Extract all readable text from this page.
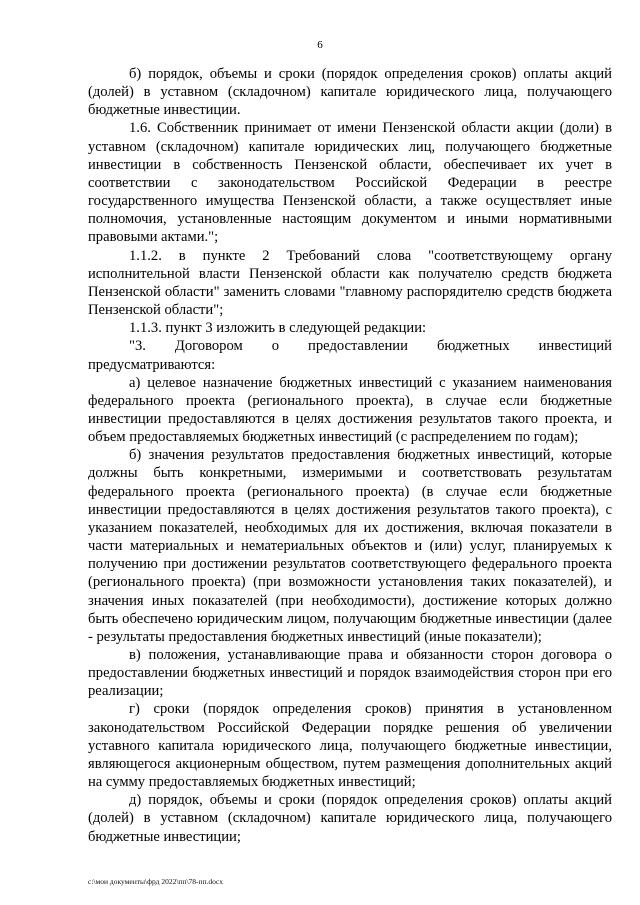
6

б) порядок, объемы и сроки (порядок определения сроков) оплаты акций (долей) в уставном (складочном) капитале юридического лица, получающего бюджетные инвестиции.

1.6. Собственник принимает от имени Пензенской области акции (доли) в уставном (складочном) капитале юридических лиц, получающего бюджетные инвестиции в собственность Пензенской области, обеспечивает их учет в соответствии с законодательством Российской Федерации в реестре государственного имущества Пензенской области, а также осуществляет иные полномочия, установленные настоящим документом и иными нормативными правовыми актами.";

1.1.2. в пункте 2 Требований слова "соответствующему органу исполнительной власти Пензенской области как получателю средств бюджета Пензенской области" заменить словами "главному распорядителю средств бюджета Пензенской области";

1.1.3. пункт 3 изложить в следующей редакции:

"3. Договором о предоставлении бюджетных инвестиций предусматриваются:

а) целевое назначение бюджетных инвестиций с указанием наименования федерального проекта (регионального проекта), в случае если бюджетные инвестиции предоставляются в целях достижения результатов такого проекта, и объем предоставляемых бюджетных инвестиций (с распределением по годам);

б) значения результатов предоставления бюджетных инвестиций, которые должны быть конкретными, измеримыми и соответствовать результатам федерального проекта (регионального проекта) (в случае если бюджетные инвестиции предоставляются в целях достижения результатов такого проекта), с указанием показателей, необходимых для их достижения, включая показатели в части материальных и нематериальных объектов и (или) услуг, планируемых к получению при достижении результатов соответствующего федерального проекта (регионального проекта) (при возможности установления таких показателей), и значения иных показателей (при необходимости), достижение которых должно быть обеспечено юридическим лицом, получающим бюджетные инвестиции (далее - результаты предоставления бюджетных инвестиций (иные показатели);

в) положения, устанавливающие права и обязанности сторон договора о предоставлении бюджетных инвестиций и порядок взаимодействия сторон при его реализации;

г) сроки (порядок определения сроков) принятия в установленном законодательством Российской Федерации порядке решения об увеличении уставного капитала юридического лица, получающего бюджетные инвестиции, являющегося акционерным обществом, путем размещения дополнительных акций на сумму предоставляемых бюджетных инвестиций;

д) порядок, объемы и сроки (порядок определения сроков) оплаты акций (долей) в уставном (складочном) капитале юридического лица, получающего бюджетные инвестиции;

c:\мои документы\фрд 2022\пп\78-пп.docx
